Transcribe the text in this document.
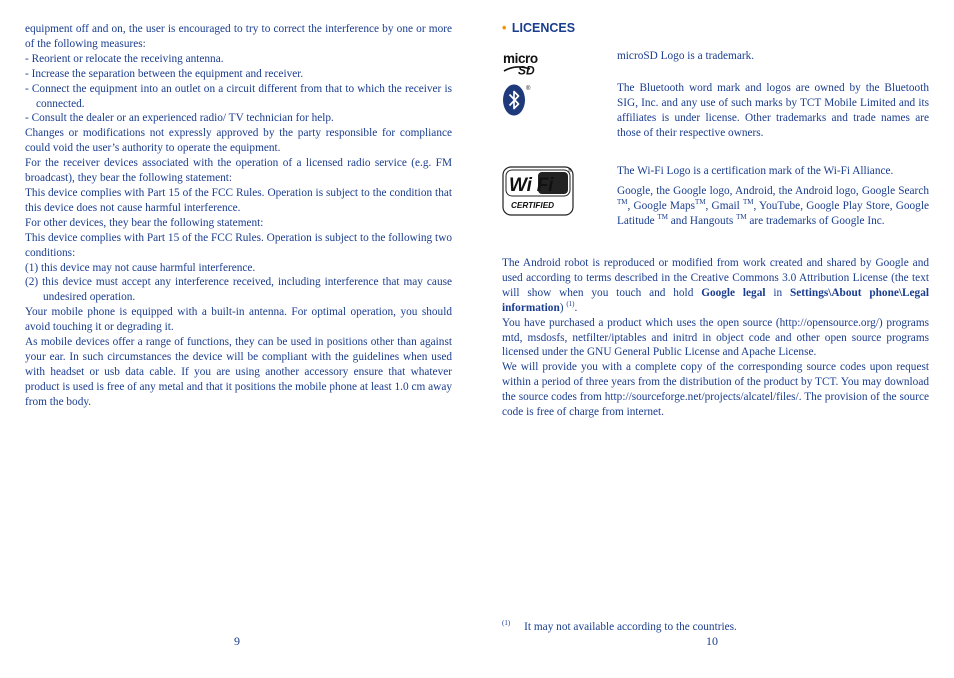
equipment off and on, the user is encouraged to try to correct the interference by one or more of the following measures:

- Reorient or relocate the receiving antenna.

- Increase the separation between the equipment and receiver.

- Connect the equipment into an outlet on a circuit different from that to which the receiver is connected.

- Consult the dealer or an experienced radio/ TV technician for help.

Changes or modifications not expressly approved by the party responsible for compliance could void the user’s authority to operate the equipment.

For the receiver devices associated with the operation of a licensed radio service (e.g. FM broadcast), they bear the following statement:

This device complies with Part 15 of the FCC Rules. Operation is subject to the condition that this device does not cause harmful interference.

For other devices, they bear the following statement:

This device complies with Part 15 of the FCC Rules. Operation is subject to the following two conditions:

(1) this device may not cause harmful interference.

(2) this device must accept any interference received, including interference that may cause undesired operation.

Your mobile phone is equipped with a built-in antenna. For optimal operation, you should avoid touching it or degrading it.

As mobile devices offer a range of functions, they can be used in positions other than against your ear. In such circumstances the device will be compliant with the guidelines when used with headset or usb data cable. If you are using another accessory ensure that whatever product is used is free of any metal and that it positions the mobile phone at least 1.0 cm away from the body.

9
• LICENCES
micro
SD
®
Wi Fi
CERTIFIED
®
microSD Logo is a trademark.
The Bluetooth word mark and logos are owned by the Bluetooth SIG, Inc. and any use of such marks by TCT Mobile Limited and its affiliates is under license. Other trademarks and trade names are those of their respective owners.
The Wi-Fi Logo is a certification mark of the Wi-Fi Alliance.
Google, the Google logo, Android, the Android logo, Google Search ™, Google Maps™, Gmail ™, YouTube, Google Play Store, Google Latitude ™ and Hangouts ™ are trademarks of Google Inc.

The Android robot is reproduced or modified from work created and shared by Google and used according to terms described in the Creative Commons 3.0 Attribution License (the text will show when you touch and hold Google legal in Settings\About phone\Legal information) $^{(1)}$.

You have purchased a product which uses the open source (http://opensource.org/) programs mtd, msdosfs, netfilter/iptables and initrd in object code and other open source programs licensed under the GNU General Public License and Apache License.

We will provide you with a complete copy of the corresponding source codes upon request within a period of three years from the distribution of the product by TCT. You may download the source codes from http://sourceforge.net/projects/alcatel/files/. The provision of the source code is free of charge from internet.

$^{(1)}$ It may not available according to the countries.
10
